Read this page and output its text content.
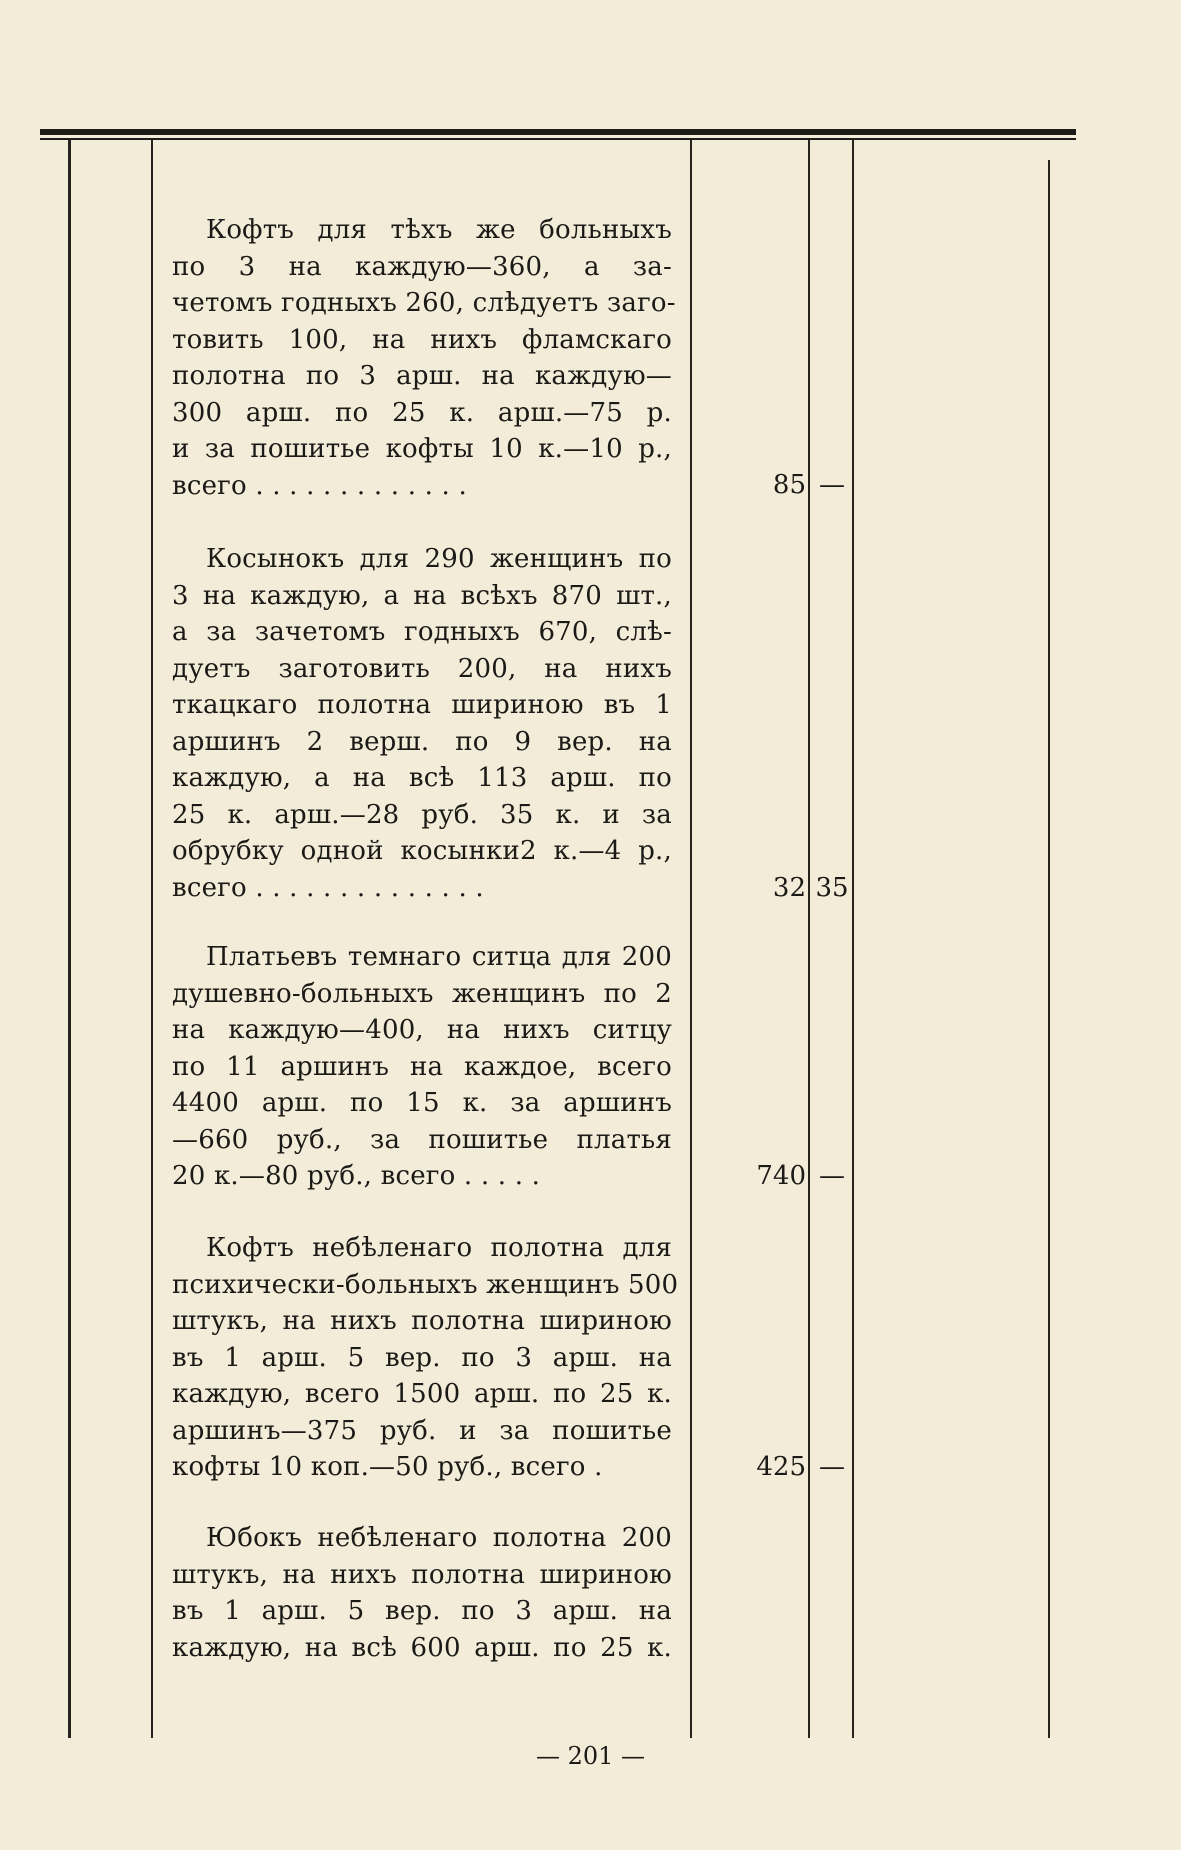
Кофтъ для тѣхъ же больныхъ
по 3 на каждую—360, а за-
четомъ годныхъ 260, слѣдуетъ заго-
товить 100, на нихъ фламскаго
полотна по 3 арш. на каждую—
300 арш. по 25 к. арш.—75 р.
и за пошитье кофты 10 к.—10 р.,
всего . . . . . . . . . . . . .	85 —
Косынокъ для 290 женщинъ по
3 на каждую, а на всѣхъ 870 шт.,
а за зачетомъ годныхъ 670, слѣ-
дуетъ заготовить 200, на нихъ
ткацкаго полотна шириною въ 1
аршинъ 2 верш. по 9 вер. на
каждую, а на всѣ 113 арш. по
25 к. арш.—28 руб. 35 к. и за
обрубку одной косынки2 к.—4 р.,
всего . . . . . . . . . . . . . .	32 35
Платьевъ темнаго ситца для 200
душевно-больныхъ женщинъ по 2
на каждую—400, на нихъ ситцу
по 11 аршинъ на каждое, всего
4400 арш. по 15 к. за аршинъ
—660 руб., за пошитье платья
20 к.—80 руб., всего . . . . .	740 —
Кофтъ небѣленаго полотна для
психически-больныхъ женщинъ 500
штукъ, на нихъ полотна шириною
въ 1 арш. 5 вер. по 3 арш. на
каждую, всего 1500 арш. по 25 к.
аршинъ—375 руб. и за пошитье
кофты 10 коп.—50 руб., всего .	425 —
Юбокъ небѣленаго полотна 200
штукъ, на нихъ полотна шириною
въ 1 арш. 5 вер. по 3 арш. на
каждую, на всѣ 600 арш. по 25 к.
— 201 —
